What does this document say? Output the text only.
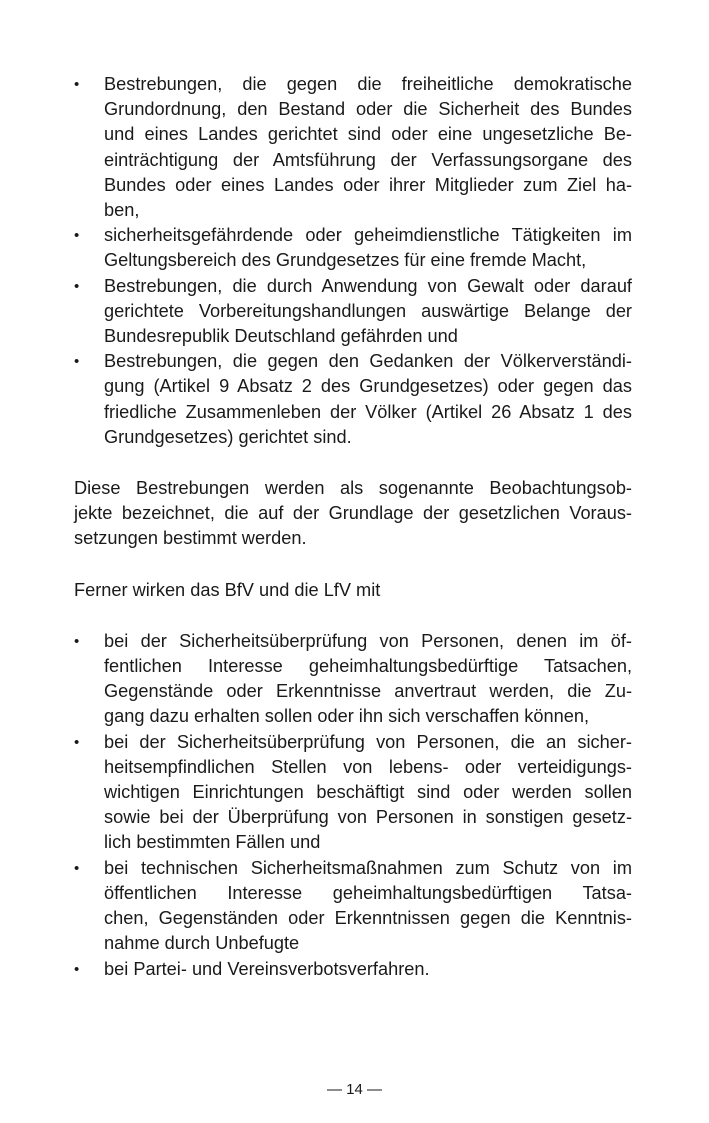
• Bestrebungen, die gegen die freiheitliche demokratische
Grundordnung, den Bestand oder die Sicherheit des Bundes
und eines Landes gerichtet sind oder eine ungesetzliche Be-
einträchtigung der Amtsführung der Verfassungsorgane des
Bundes oder eines Landes oder ihrer Mitglieder zum Ziel ha-
ben,
• sicherheitsgefährdende oder geheimdienstliche Tätigkeiten im
Geltungsbereich des Grundgesetzes für eine fremde Macht,
• Bestrebungen, die durch Anwendung von Gewalt oder darauf
gerichtete Vorbereitungshandlungen auswärtige Belange der
Bundesrepublik Deutschland gefährden und
• Bestrebungen, die gegen den Gedanken der Völkerverständi-
gung (Artikel 9 Absatz 2 des Grundgesetzes) oder gegen das
friedliche Zusammenleben der Völker (Artikel 26 Absatz 1 des
Grundgesetzes) gerichtet sind.

Diese Bestrebungen werden als sogenannte Beobachtungsob-
jekte bezeichnet, die auf der Grundlage der gesetzlichen Voraus-
setzungen bestimmt werden.

Ferner wirken das BfV und die LfV mit

• bei der Sicherheitsüberprüfung von Personen, denen im öf-
fentlichen Interesse geheimhaltungsbedürftige Tatsachen,
Gegenstände oder Erkenntnisse anvertraut werden, die Zu-
gang dazu erhalten sollen oder ihn sich verschaffen können,
• bei der Sicherheitsüberprüfung von Personen, die an sicher-
heitsempfindlichen Stellen von lebens- oder verteidigungs-
wichtigen Einrichtungen beschäftigt sind oder werden sollen
sowie bei der Überprüfung von Personen in sonstigen gesetz-
lich bestimmten Fällen und
• bei technischen Sicherheitsmaßnahmen zum Schutz von im
öffentlichen Interesse geheimhaltungsbedürftigen Tatsa-
chen, Gegenständen oder Erkenntnissen gegen die Kenntnis-
nahme durch Unbefugte
• bei Partei- und Vereinsverbotsverfahren.
— 14 —
